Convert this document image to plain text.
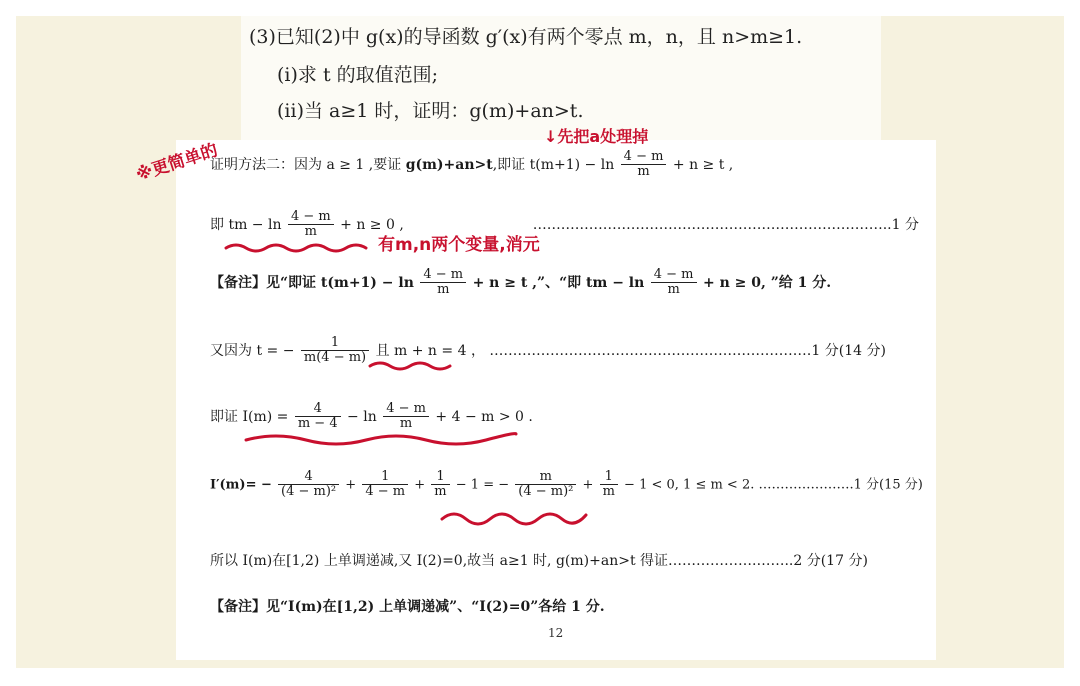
(3)已知(2)中 g(x)的导函数 g′(x)有两个零点 m，n，且 n>m≥1.
(ⅰ)求 t 的取值范围;
(ⅱ)当 a≥1 时，证明：g(m)+an>t.
证明方法二：因为 a ≥ 1 ,要证 g(m)+an>t,即证 $t(m+1) - \ln \frac{4 - m}{m} + n \ge t$ ,
即 tm − $\ln \frac{4 - m}{m} + n \ge 0$ ,	…………………………………………………………………..1 分
【备注】见“即证 $t(m+1) - \ln \frac{4 - m}{m} + n \ge t$ ,”、“即 tm − $\ln \frac{4 - m}{m} + n \ge 0$, ”给 1 分.
又因为 t = − $\frac{1}{m(4 - m)}$ 且 m + n = 4 ， ……………………………………………………………1 分(14 分)
即证 $I(m) = \frac{4}{m - 4} - \ln \frac{4 - m}{m} + 4 - m > 0$ .
$I'(m)= - \frac{4}{\text{(4 − m)²}} + \frac{1}{4 - m} + \frac{1}{m} - 1$ = − $\frac{m}{\text{(4 − m)²}} + \frac{1}{m} - 1 < 0$, 1 ≤ m < 2. ………………….1 分(15 分)
所以 I(m)在[1,2) 上单调递减,又 I(2)=0,故当 a≥1 时, g(m)+an>t 得证……………….……..2 分(17 分)
【备注】见“I(m)在[1,2) 上单调递减”、“I(2)=0”各给 1 分.
12
※更简单的
↓先把a处理掉
有m,n两个变量,消元
